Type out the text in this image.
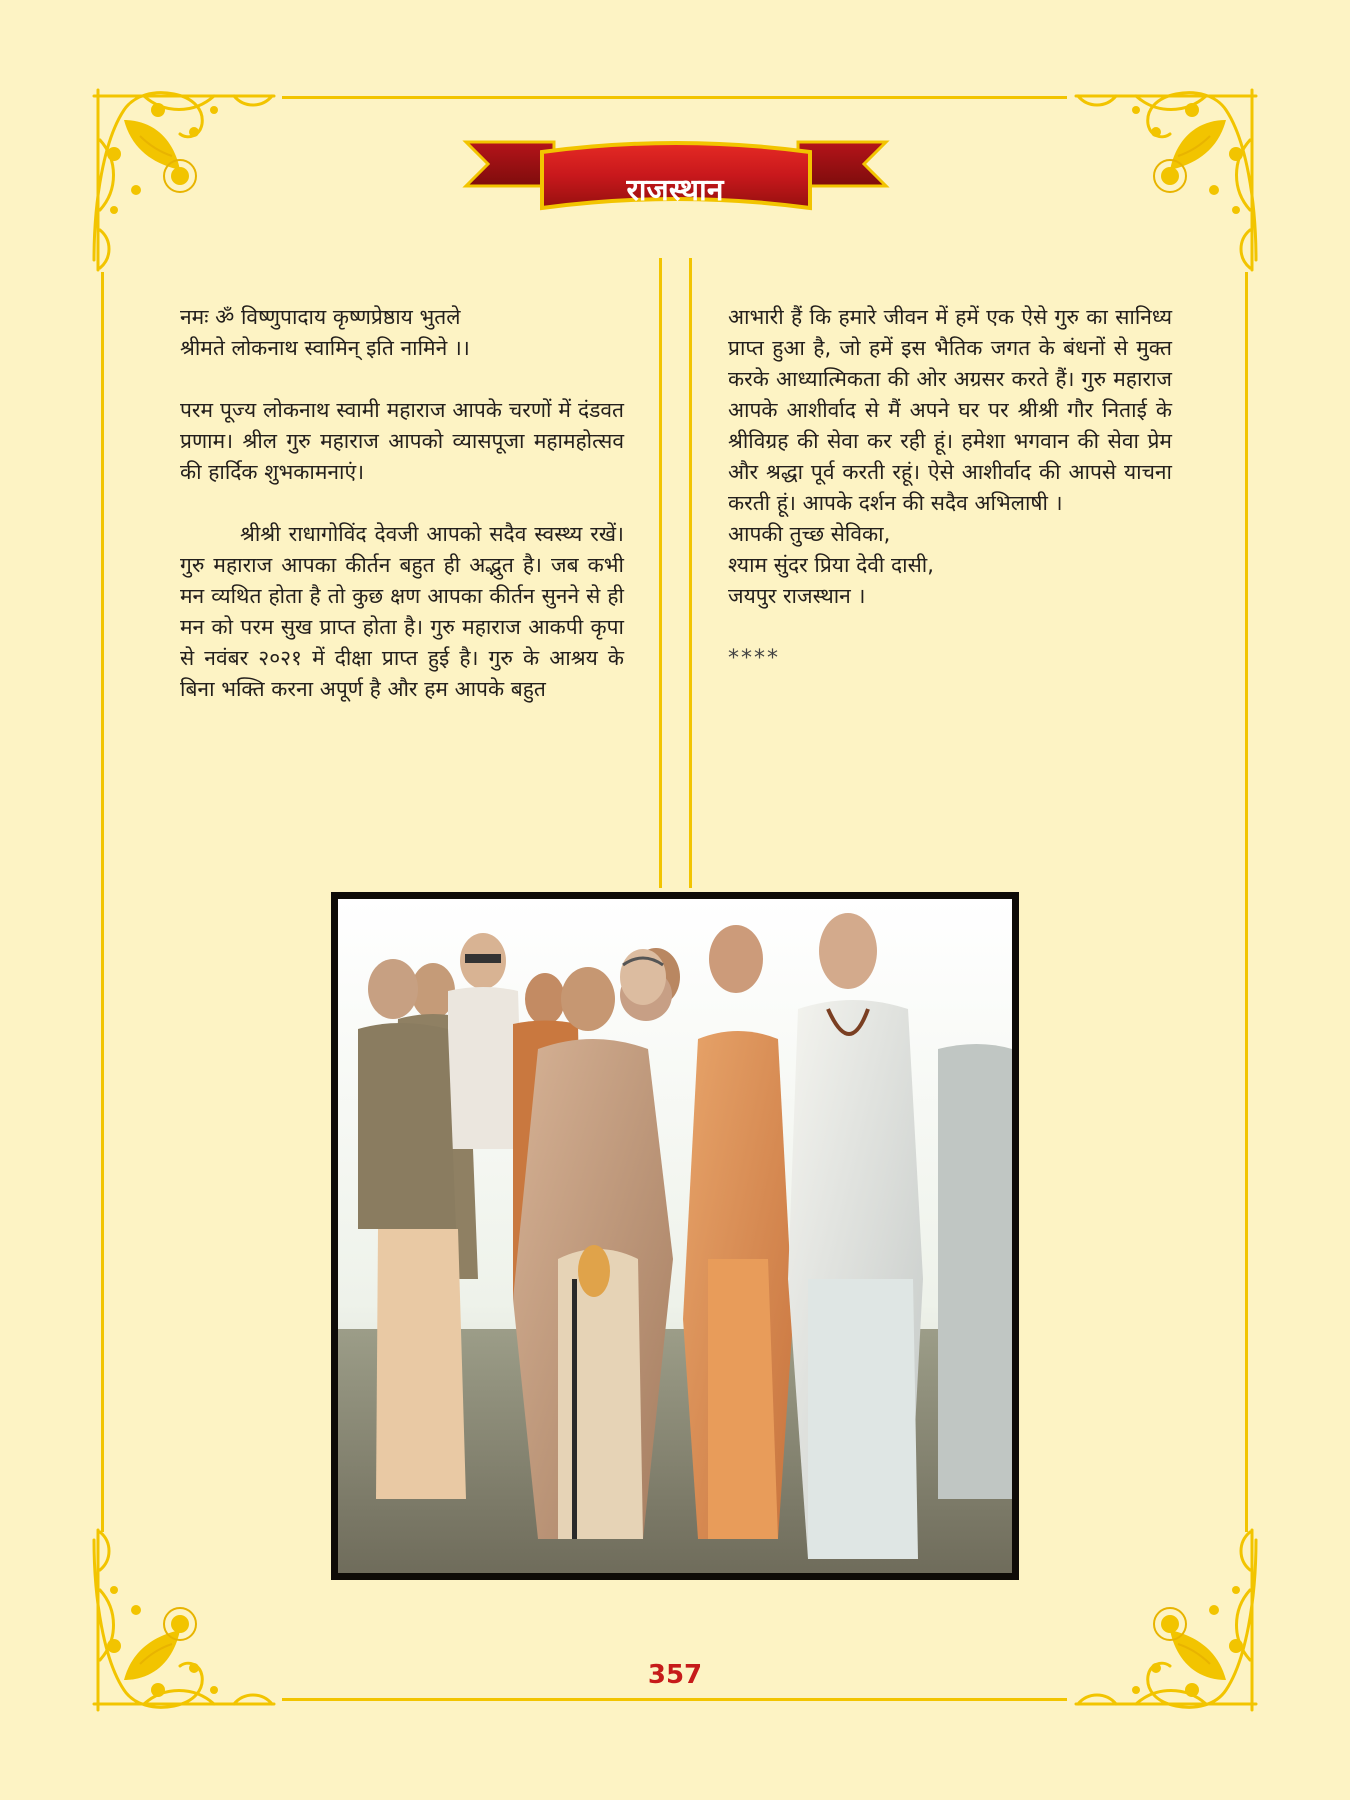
राजस्थान

नमः ॐ विष्णुपादाय कृष्णप्रेष्ठाय भुतले

श्रीमते लोकनाथ स्वामिन् इति नामिने ।।

परम पूज्य लोकनाथ स्वामी महाराज आपके चरणों में दंडवत प्रणाम। श्रील गुरु महाराज आपको व्यासपूजा महामहोत्सव की हार्दिक शुभकामनाएं।

श्रीश्री राधागोविंद देवजी आपको सदैव स्वस्थ्य रखें। गुरु महाराज आपका कीर्तन बहुत ही अद्भुत है। जब कभी मन व्यथित होता है तो कुछ क्षण आपका कीर्तन सुनने से ही मन को परम सुख प्राप्त होता है। गुरु महाराज आकपी कृपा से नवंबर २०२१ में दीक्षा प्राप्त हुई है। गुरु के आश्रय के बिना भक्ति करना अपूर्ण है और हम आपके बहुत

आभारी हैं कि हमारे जीवन में हमें एक ऐसे गुरु का सानिध्य प्राप्त हुआ है, जो हमें इस भैतिक जगत के बंधनों से मुक्त करके आध्यात्मिकता की ओर अग्रसर करते हैं। गुरु महाराज आपके आशीर्वाद से मैं अपने घर पर श्रीश्री गौर निताई के श्रीविग्रह की सेवा कर रही हूं। हमेशा भगवान की सेवा प्रेम और श्रद्धा पूर्व करती रहूं। ऐसे आशीर्वाद की आपसे याचना करती हूं। आपके दर्शन की सदैव अभिलाषी ।

आपकी तुच्छ सेविका,

श्याम सुंदर प्रिया देवी दासी,

जयपुर राजस्थान ।

****

357
